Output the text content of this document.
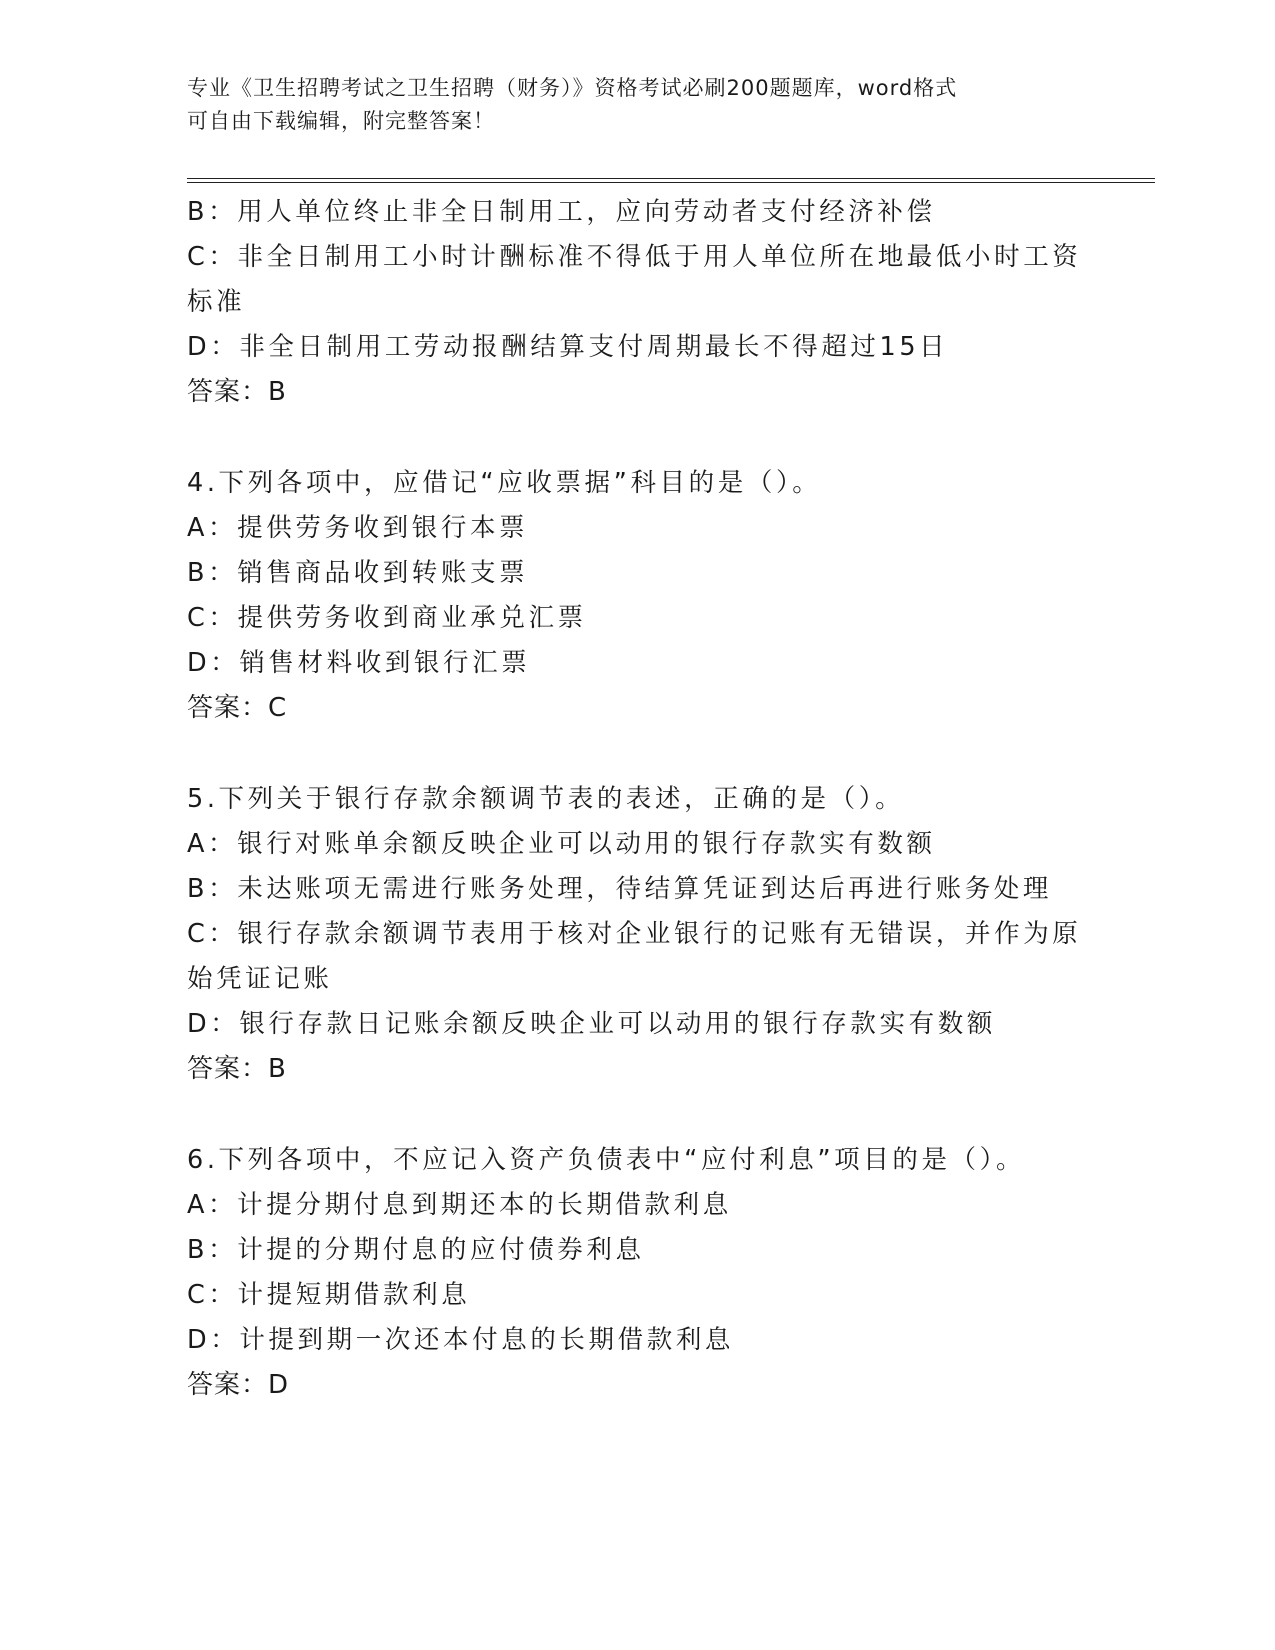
专业《卫生招聘考试之卫生招聘（财务）》资格考试必刷200题题库，word格式
可自由下载编辑，附完整答案！
B：用人单位终止非全日制用工，应向劳动者支付经济补偿
C：非全日制用工小时计酬标准不得低于用人单位所在地最低小时工资
标准
D：非全日制用工劳动报酬结算支付周期最长不得超过15日
答案：B
4.下列各项中，应借记“应收票据”科目的是（）。
A：提供劳务收到银行本票
B：销售商品收到转账支票
C：提供劳务收到商业承兑汇票
D：销售材料收到银行汇票
答案：C
5.下列关于银行存款余额调节表的表述，正确的是（）。
A：银行对账单余额反映企业可以动用的银行存款实有数额
B：未达账项无需进行账务处理，待结算凭证到达后再进行账务处理
C：银行存款余额调节表用于核对企业银行的记账有无错误，并作为原
始凭证记账
D：银行存款日记账余额反映企业可以动用的银行存款实有数额
答案：B
6.下列各项中，不应记入资产负债表中“应付利息”项目的是（）。
A：计提分期付息到期还本的长期借款利息
B：计提的分期付息的应付债券利息
C：计提短期借款利息
D：计提到期一次还本付息的长期借款利息
答案：D
